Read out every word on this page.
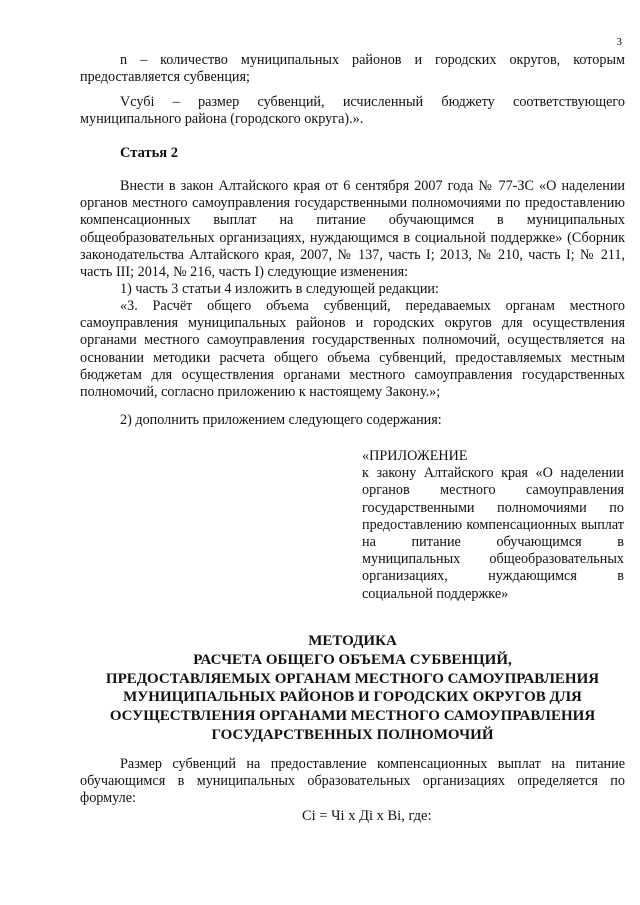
3
n – количество муниципальных районов и городских округов, которым предоставляется субвенция;
Vсубі – размер субвенций, исчисленный бюджету соответствующего муниципального района (городского округа).».
Статья 2
Внести в закон Алтайского края от 6 сентября 2007 года № 77-ЗС «О наделении органов местного самоуправления государственными полномочиями по предоставлению компенсационных выплат на питание обучающимся в муниципальных общеобразовательных организациях, нуждающимся в социальной поддержке» (Сборник законодательства Алтайского края, 2007, № 137, часть I; 2013, № 210, часть I; № 211, часть III; 2014, № 216, часть I) следующие изменения:
1) часть 3 статьи 4 изложить в следующей редакции:
«3. Расчёт общего объема субвенций, передаваемых органам местного самоуправления муниципальных районов и городских округов для осуществления органами местного самоуправления государственных полномочий, осуществляется на основании методики расчета общего объема субвенций, предоставляемых местным бюджетам для осуществления органами местного самоуправления государственных полномочий, согласно приложению к настоящему Закону.»;
2) дополнить приложением следующего содержания:
«ПРИЛОЖЕНИЕ
к закону Алтайского края «О наделении органов местного самоуправления государственными полномочиями по предоставлению компенсационных выплат на питание обучающимся в муниципальных общеобразовательных организациях, нуждающимся в социальной поддержке»
МЕТОДИКА
РАСЧЕТА ОБЩЕГО ОБЪЕМА СУБВЕНЦИЙ,
ПРЕДОСТАВЛЯЕМЫХ ОРГАНАМ МЕСТНОГО САМОУПРАВЛЕНИЯ
МУНИЦИПАЛЬНЫХ РАЙОНОВ И ГОРОДСКИХ ОКРУГОВ ДЛЯ
ОСУЩЕСТВЛЕНИЯ ОРГАНАМИ МЕСТНОГО САМОУПРАВЛЕНИЯ
ГОСУДАРСТВЕННЫХ ПОЛНОМОЧИЙ
Размер субвенций на предоставление компенсационных выплат на питание обучающимся в муниципальных образовательных организациях определяется по формуле:
Ci = Чi x Дi x Вi, где:
